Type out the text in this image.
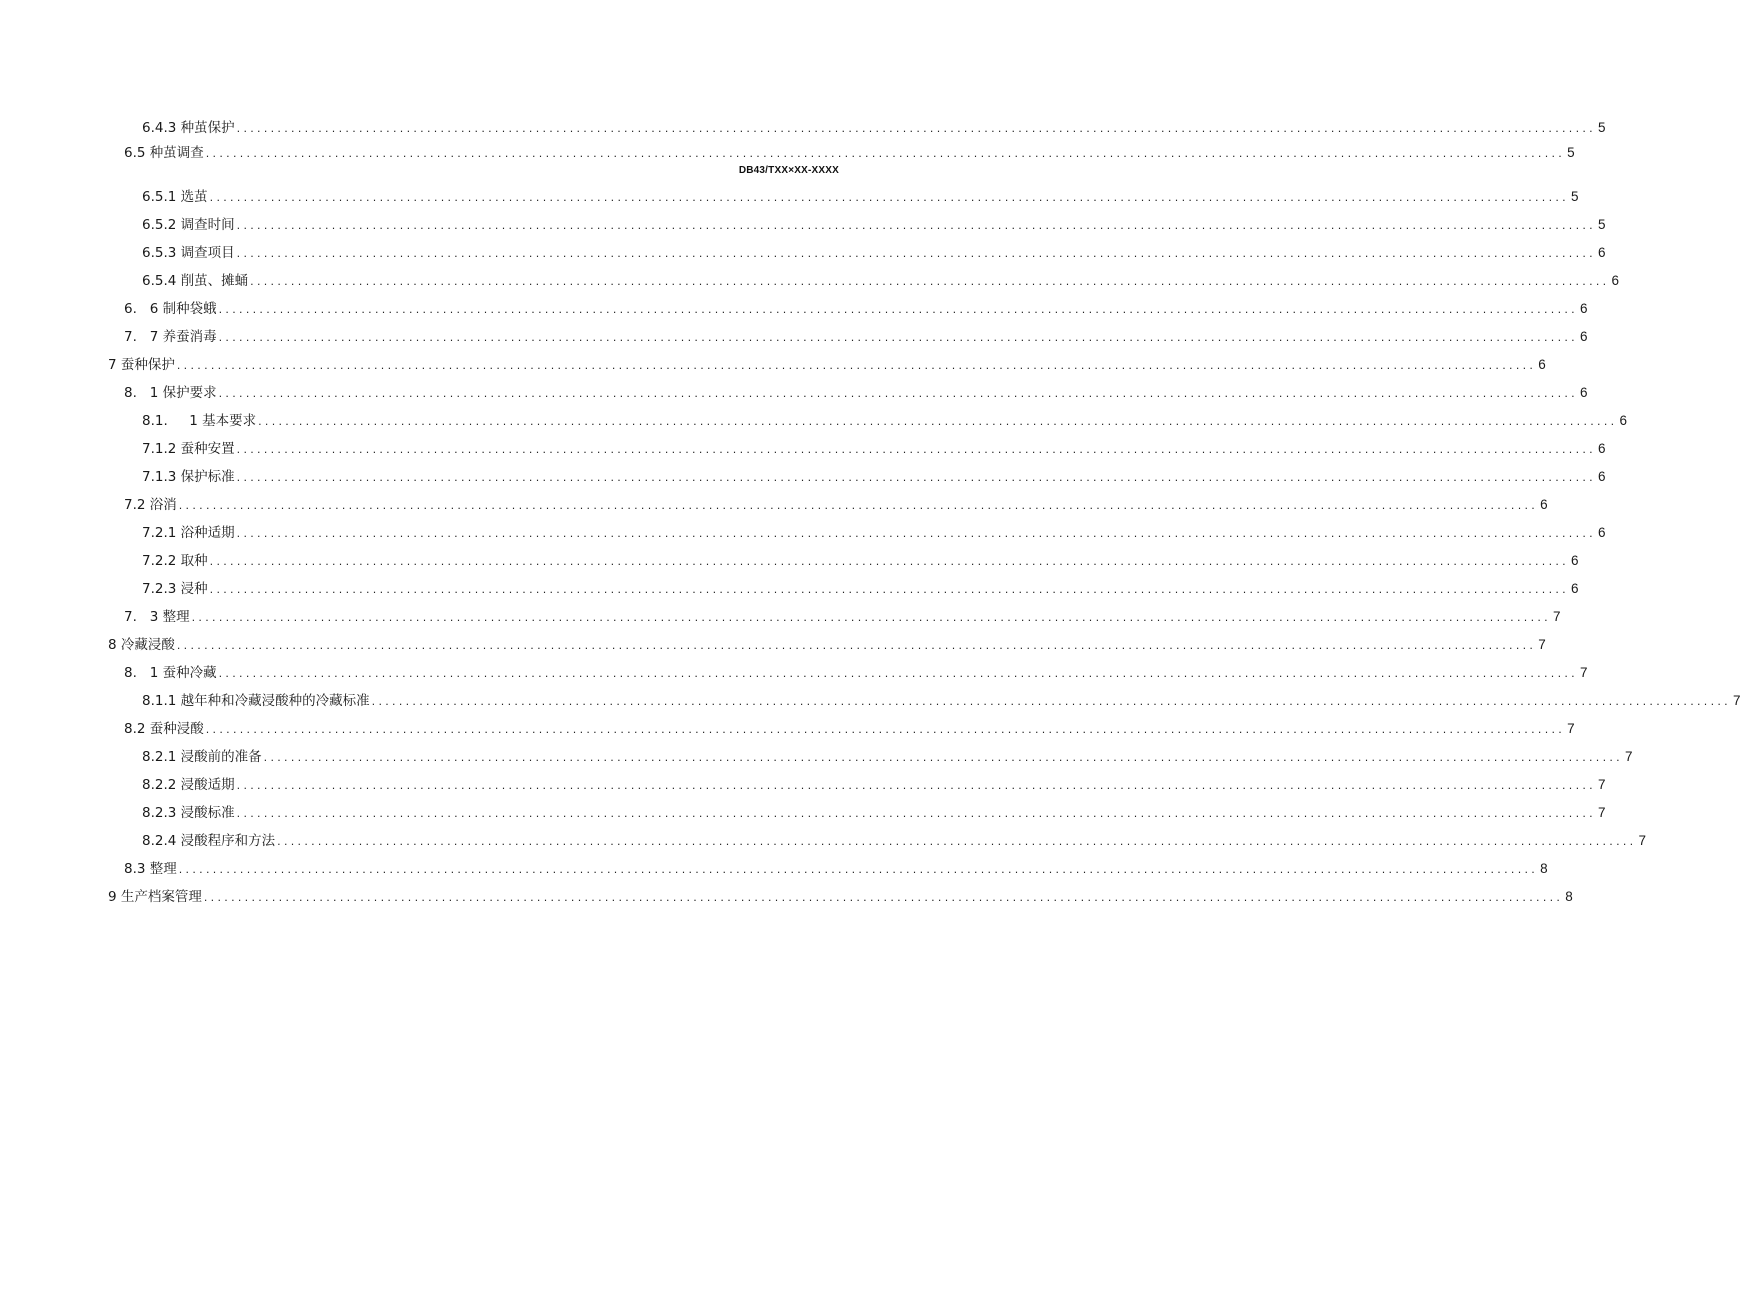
DB43/TXX×XX-XXXX
6.4.3 种茧保护 ........................................................................................................................................................................................................ 5
6.5 种茧调查 ........................................................................................................................................................................................................ 5
6.5.1 选茧 ........................................................................................................................................................................................................ 5
6.5.2 调查时间 ........................................................................................................................................................................................................ 5
6.5.3 调查项目 ........................................................................................................................................................................................................ 6
6.5.4 削茧、摊蛹 ........................................................................................................................................................................................................ 6
6.   6 制种袋蛾 ........................................................................................................................................................................................................ 6
7.   7 养蚕消毒 ........................................................................................................................................................................................................ 6
7 蚕种保护 ........................................................................................................................................................................................................ 6
8.   1 保护要求 ........................................................................................................................................................................................................ 6
8.1.     1 基本要求 ........................................................................................................................................................................................................ 6
7.1.2 蚕种安置 ........................................................................................................................................................................................................ 6
7.1.3 保护标准 ........................................................................................................................................................................................................ 6
7.2 浴消 ........................................................................................................................................................................................................ 6
7.2.1 浴种适期 ........................................................................................................................................................................................................ 6
7.2.2 取种 ........................................................................................................................................................................................................ 6
7.2.3 浸种 ........................................................................................................................................................................................................ 6
7.   3 整理 ........................................................................................................................................................................................................ 7
8 冷藏浸酸 ........................................................................................................................................................................................................ 7
8.   1 蚕种冷藏 ........................................................................................................................................................................................................ 7
8.1.1 越年种和冷藏浸酸种的冷藏标准 ........................................................................................................................................................................................................ 7
8.2 蚕种浸酸 ........................................................................................................................................................................................................ 7
8.2.1 浸酸前的准备 ........................................................................................................................................................................................................ 7
8.2.2 浸酸适期 ........................................................................................................................................................................................................ 7
8.2.3 浸酸标准 ........................................................................................................................................................................................................ 7
8.2.4 浸酸程序和方法 ........................................................................................................................................................................................................ 7
8.3 整理 ........................................................................................................................................................................................................ 8
9 生产档案管理 ........................................................................................................................................................................................................ 8
